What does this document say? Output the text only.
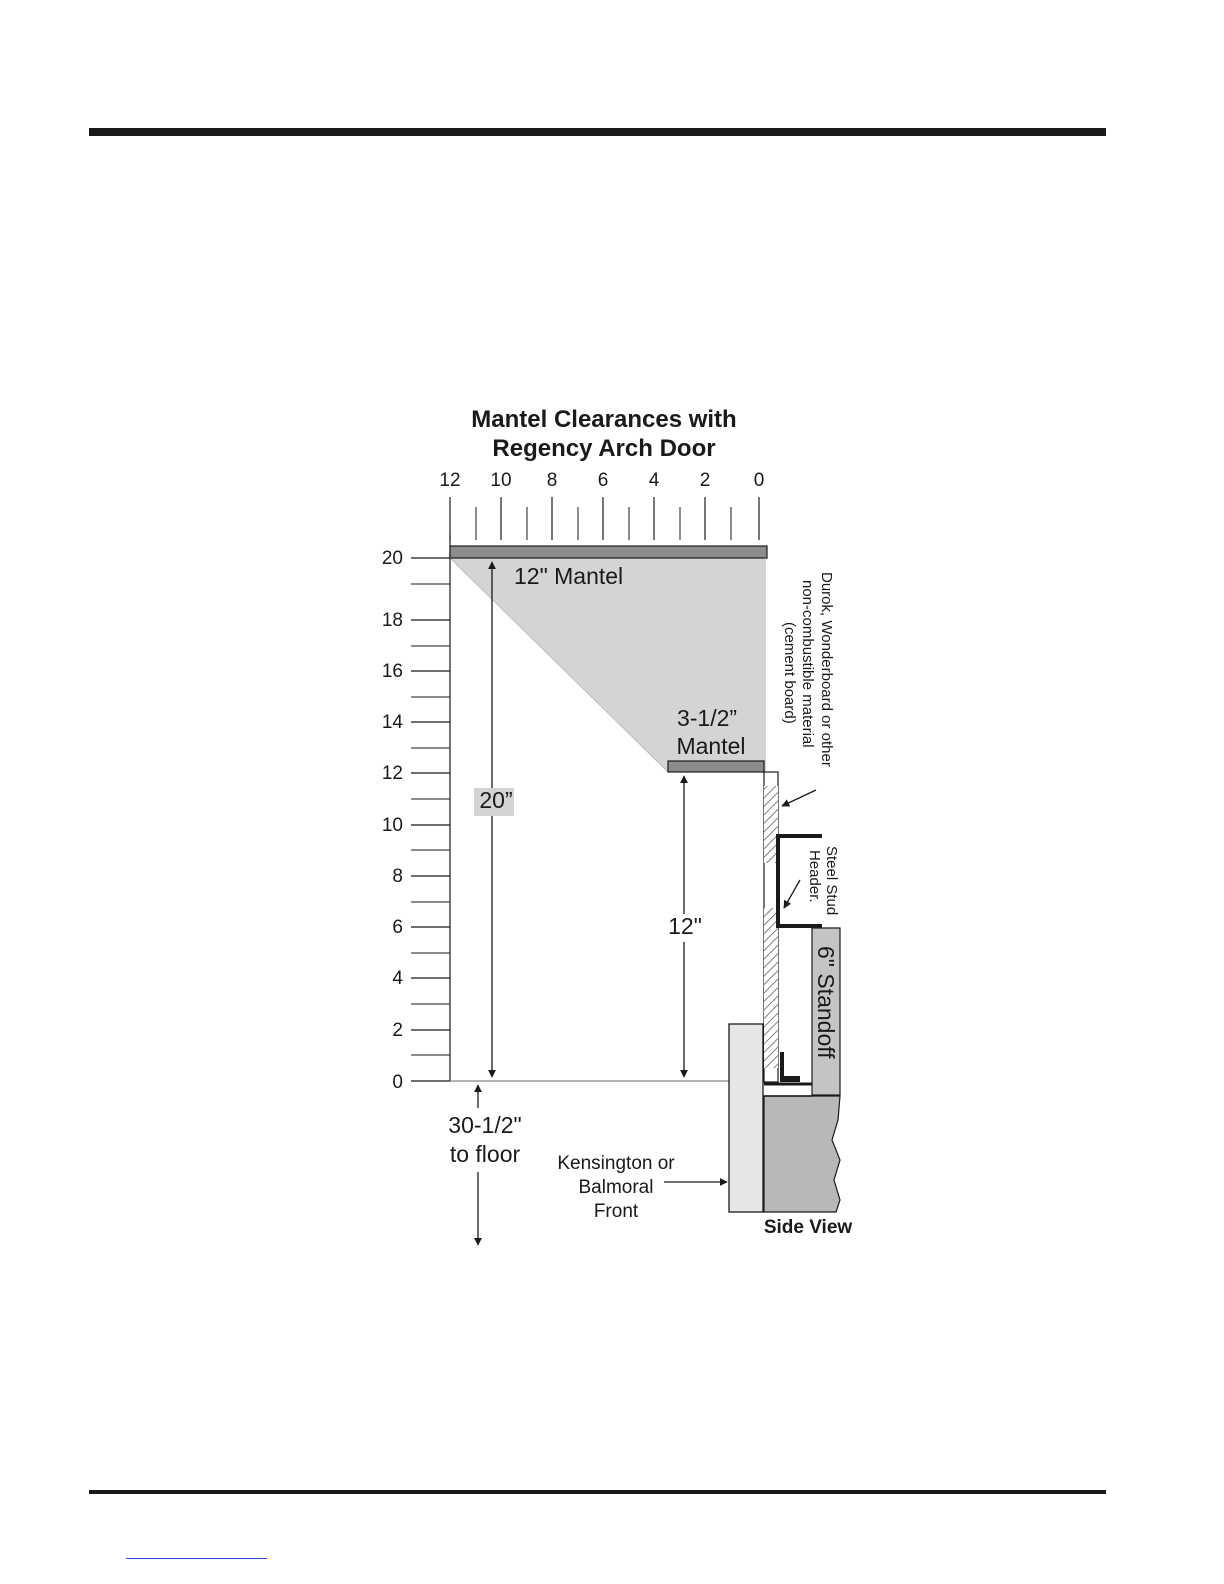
Mantel Clearances with
Regency Arch Door
12 10 8 6 4 2 0
20
18
16
14
12
10
8
6
4
2
0
12" Mantel
3-1/2”
Mantel
20”
12"
30-1/2"
to floor Kensington or
Balmoral
Front
6" Standoff
Durok, Wonderboard or other
non-combustible material
(cement board)
Steel Stud
Header.
Side View
